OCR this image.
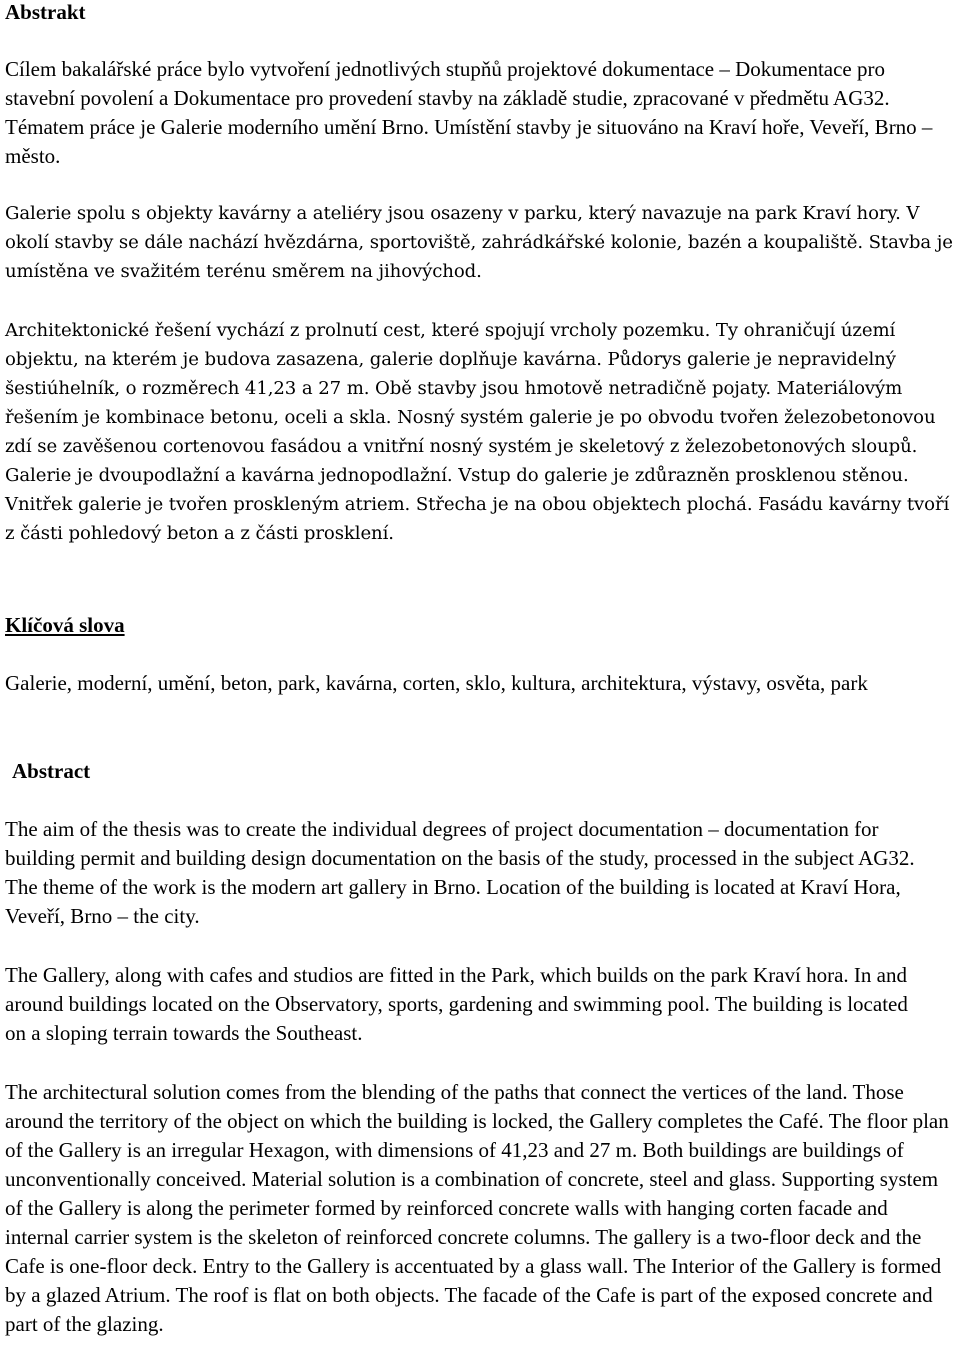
Abstrakt

Cílem bakalářské práce bylo vytvoření jednotlivých stupňů projektové dokumentace – Dokumentace pro stavební povolení a Dokumentace pro provedení stavby na základě studie, zpracované v předmětu AG32. Tématem práce je Galerie moderního umění Brno. Umístění stavby je situováno na Kraví hoře, Veveří, Brno – město.

Galerie spolu s objekty kavárny a ateliéry jsou osazeny v parku, který navazuje na park Kraví hory. V okolí stavby se dále nachází hvězdárna, sportoviště, zahrádkářské kolonie, bazén a koupaliště. Stavba je umístěna ve svažitém terénu směrem na jihovýchod.

Architektonické řešení vychází z prolnutí cest, které spojují vrcholy pozemku. Ty ohraničují území objektu, na kterém je budova zasazena, galerie doplňuje kavárna. Půdorys galerie je nepravidelný šestiúhelník, o rozměrech 41,23 a 27 m. Obě stavby jsou hmotově netradičně pojaty. Materiálovým řešením je kombinace betonu, oceli a skla. Nosný systém galerie je po obvodu tvořen železobetonovou zdí se zavěšenou cortenovou fasádou a vnitřní nosný systém je skeletový z železobetonových sloupů. Galerie je dvoupodlažní a kavárna jednopodlažní. Vstup do galerie je zdůrazněn prosklenou stěnou. Vnitřek galerie je tvořen proskleným atriem. Střecha je na obou objektech plochá. Fasádu kavárny tvoří z části pohledový beton a z části prosklení.

Klíčová slova

Galerie, moderní, umění, beton, park, kavárna, corten, sklo, kultura, architektura, výstavy, osvěta, park

Abstract

The aim of the thesis was to create the individual degrees of project documentation – documentation for building permit and building design documentation on the basis of the study, processed in the subject AG32. The theme of the work is the modern art gallery in Brno. Location of the building is located at Kraví Hora, Veveří, Brno – the city.

The Gallery, along with cafes and studios are fitted in the Park, which builds on the park Kraví hora. In and around buildings located on the Observatory, sports, gardening and swimming pool. The building is located on a sloping terrain towards the Southeast.

The architectural solution comes from the blending of the paths that connect the vertices of the land. Those around the territory of the object on which the building is locked, the Gallery completes the Café. The floor plan of the Gallery is an irregular Hexagon, with dimensions of 41,23 and 27 m. Both buildings are buildings of unconventionally conceived. Material solution is a combination of concrete, steel and glass. Supporting system of the Gallery is along the perimeter formed by reinforced concrete walls with hanging corten facade and internal carrier system is the skeleton of reinforced concrete columns. The gallery is a two-floor deck and the Cafe is one-floor deck. Entry to the Gallery is accentuated by a glass wall. The Interior of the Gallery is formed by a glazed Atrium. The roof is flat on both objects. The facade of the Cafe is part of the exposed concrete and part of the glazing.
